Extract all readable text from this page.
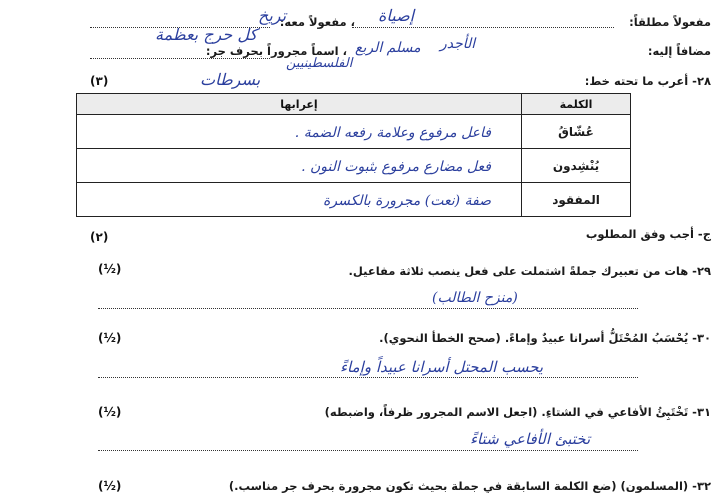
مفعولاً مطلقاً:
إصياة
، مفعولاً معه:
تريخ
كل حرج بعظمة
مضافاً إليه:
الأجدر
مسلم الربع
، اسماً مجروراً بحرف جر:
الفلسطينيين
بسرطات	٢٨- أعرب ما تحته خط:
(٣)
الكلمة	إعرابها
عُشّاقُ	فاعل مرفوع وعلامة رفعه الضمة .
يُنْشِدون	فعل مضارع مرفوع بثبوت النون .
المفقود	صفة (نعت) مجرورة بالكسرة
ج- أجب وفق المطلوب
(٢)
٢٩- هات من تعبيرك جملةً اشتملت على فعل ينصب ثلاثة مفاعيل.
(½)
(منزح الطالب)
٣٠- يُحْسَبُ المُحْتَلُّ أسرانا عبيدٌ وإماءً. (صحح الخطأ النحوي).
(½)
يحسب المحتل أسرانا عبيداً وإماءً
٣١- تَخْتَبِئُ الأفاعي في الشتاءِ. (اجعل الاسم المجرور ظرفاً، واضبطه)
(½)
تختبئ الأفاعي شتاءً
٣٢- (المسلمون) (ضع الكلمة السابقة في جملة بحيث تكون مجرورة بحرف جر مناسب.)
(½)
